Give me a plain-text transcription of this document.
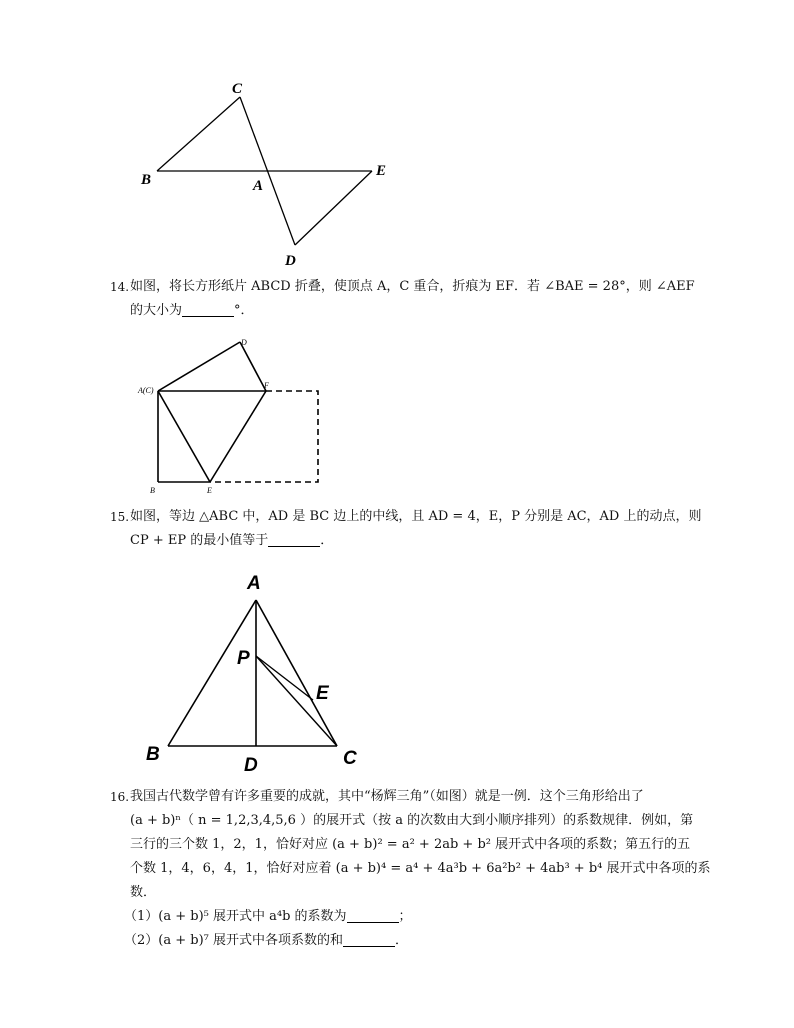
C
B	A
E
D
14. 如图，将长方形纸片 ABCD 折叠，使顶点 A，C 重合，折痕为 EF．若 ∠BAE = 28°，则 ∠AEF
的大小为	°．
A(C)
D
F
B	E
15. 如图，等边 △ABC 中，AD 是 BC 边上的中线，且 AD = 4，E，P 分别是 AC，AD 上的动点，则
CP + EP 的最小值等于	．
A
P
E
B
D	C
16. 我国古代数学曾有许多重要的成就，其中“杨辉三角”（如图）就是一例．这个三角形给出了
(a + b)ⁿ（ n = 1,2,3,4,5,6 ）的展开式（按 a 的次数由大到小顺序排列）的系数规律．例如，第
三行的三个数 1，2，1，恰好对应 (a + b)² = a² + 2ab + b² 展开式中各项的系数；第五行的五
个数 1，4，6，4，1，恰好对应着 (a + b)⁴ = a⁴ + 4a³b + 6a²b² + 4ab³ + b⁴ 展开式中各项的系
数．
（1）(a + b)⁵ 展开式中 a⁴b 的系数为	；
（2）(a + b)⁷ 展开式中各项系数的和	．
